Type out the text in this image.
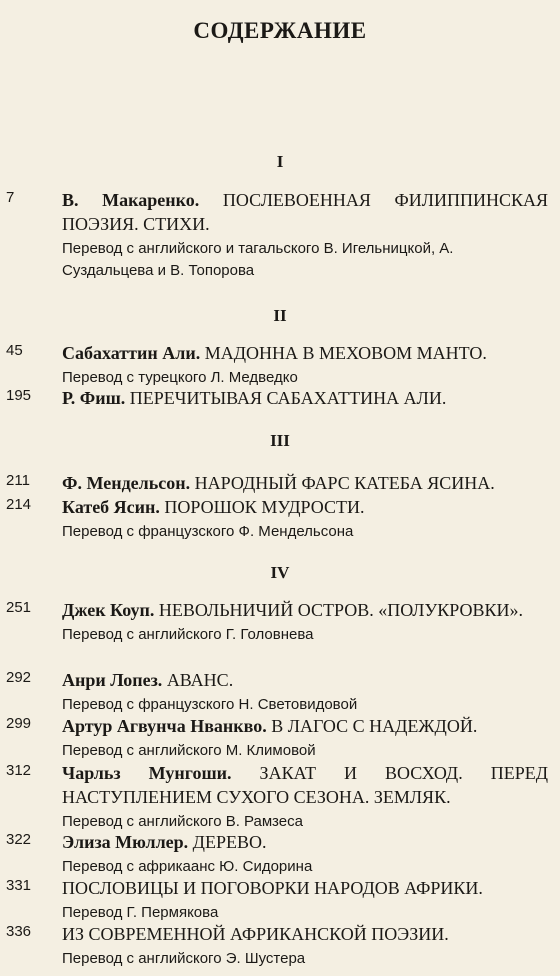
СОДЕРЖАНИЕ
I
II
III
IV
7	В. Макаренко. ПОСЛЕВОЕННАЯ ФИЛИППИНСКАЯ ПОЭЗИЯ. СТИХИ.
Перевод с английского и тагальского В. Игельницкой, А. Суздальцева и В. Топорова
45 Сабахаттин Али. МАДОННА В МЕХОВОМ МАНТО.
Перевод с турецкого Л. Медведко
195 Р. Фиш. ПЕРЕЧИТЫВАЯ САБАХАТТИНА АЛИ.
211 Ф. Мендельсон. НАРОДНЫЙ ФАРС КАТЕБА ЯСИНА.
214 Катеб Ясин. ПОРОШОК МУДРОСТИ.
Перевод с французского Ф. Мендельсона
251 Джек Коуп. НЕВОЛЬНИЧИЙ ОСТРОВ. «ПОЛУКРОВКИ».
Перевод с английского Г. Головнева
292 Анри Лопез. АВАНС.
Перевод с французского Н. Световидовой
299 Артур Агвунча Нванкво. В ЛАГОС С НАДЕЖДОЙ.
Перевод с английского М. Климовой
312 Чарльз Мунгоши. ЗАКАТ И ВОСХОД. ПЕРЕД НАСТУПЛЕНИЕМ СУХОГО СЕЗОНА. ЗЕМЛЯК.
Перевод с английского В. Рамзеса
322 Элиза Мюллер. ДЕРЕВО.
Перевод с африкаанс Ю. Сидорина
331 ПОСЛОВИЦЫ И ПОГОВОРКИ НАРОДОВ АФРИКИ.
Перевод Г. Пермякова
336 ИЗ СОВРЕМЕННОЙ АФРИКАНСКОЙ ПОЭЗИИ.
Перевод с английского Э. Шустера
